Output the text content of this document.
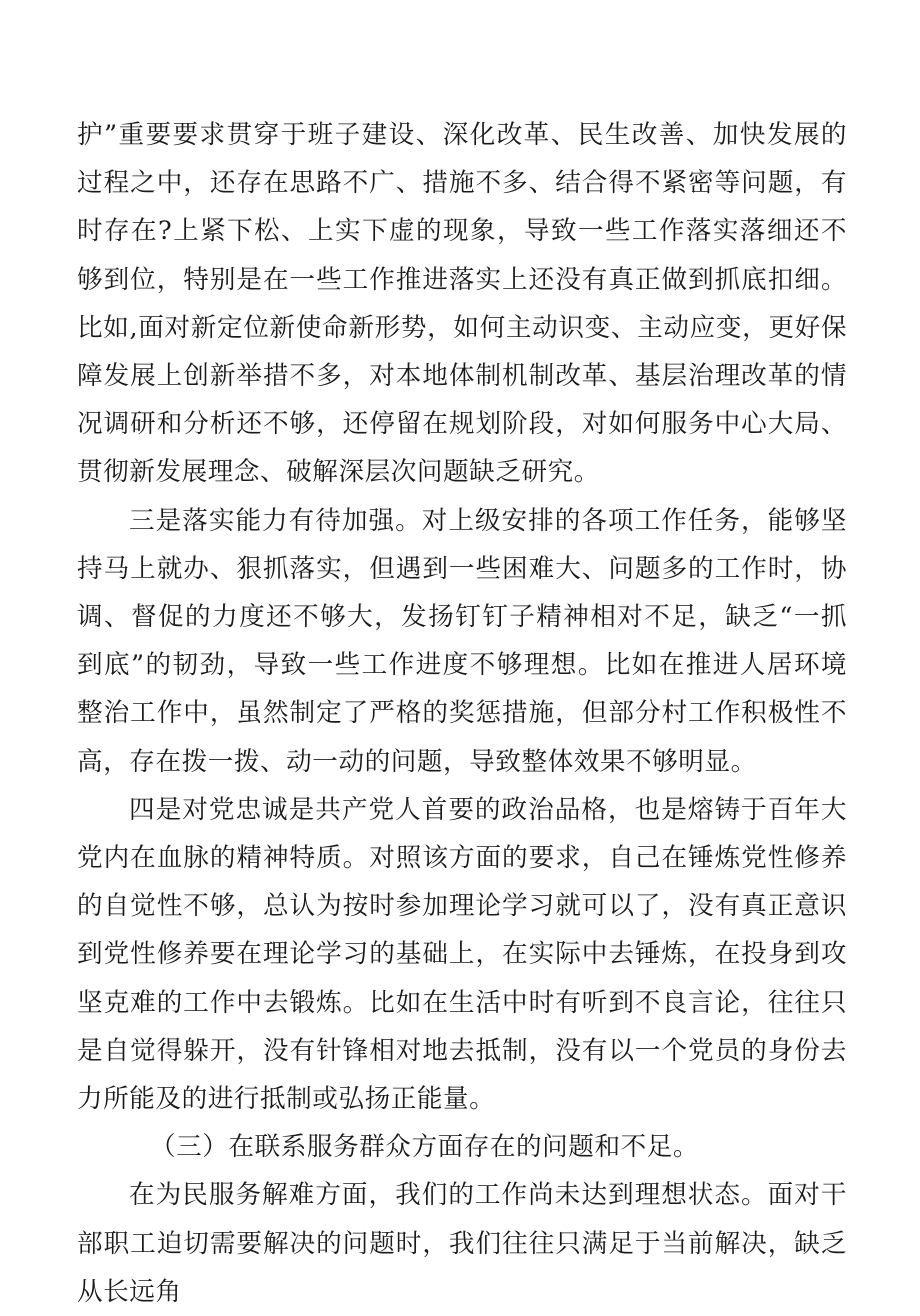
护”重要要求贯穿于班子建设、深化改革、民生改善、加快发展的过程之中，还存在思路不广、措施不多、结合得不紧密等问题，有时存在?上紧下松、上实下虚的现象，导致一些工作落实落细还不够到位，特别是在一些工作推进落实上还没有真正做到抓底扣细。比如,面对新定位新使命新形势，如何主动识变、主动应变，更好保障发展上创新举措不多，对本地体制机制改革、基层治理改革的情况调研和分析还不够，还停留在规划阶段，对如何服务中心大局、贯彻新发展理念、破解深层次问题缺乏研究。

三是落实能力有待加强。对上级安排的各项工作任务，能够坚持马上就办、狠抓落实，但遇到一些困难大、问题多的工作时，协调、督促的力度还不够大，发扬钉钉子精神相对不足，缺乏“一抓到底”的韧劲，导致一些工作进度不够理想。比如在推进人居环境整治工作中，虽然制定了严格的奖惩措施，但部分村工作积极性不高，存在拨一拨、动一动的问题，导致整体效果不够明显。

四是对党忠诚是共产党人首要的政治品格，也是熔铸于百年大党内在血脉的精神特质。对照该方面的要求，自己在锤炼党性修养的自觉性不够，总认为按时参加理论学习就可以了，没有真正意识到党性修养要在理论学习的基础上，在实际中去锤炼，在投身到攻坚克难的工作中去锻炼。比如在生活中时有听到不良言论，往往只是自觉得躲开，没有针锋相对地去抵制，没有以一个党员的身份去力所能及的进行抵制或弘扬正能量。

（三）在联系服务群众方面存在的问题和不足。

在为民服务解难方面，我们的工作尚未达到理想状态。面对干部职工迫切需要解决的问题时，我们往往只满足于当前解决，缺乏从长远角
